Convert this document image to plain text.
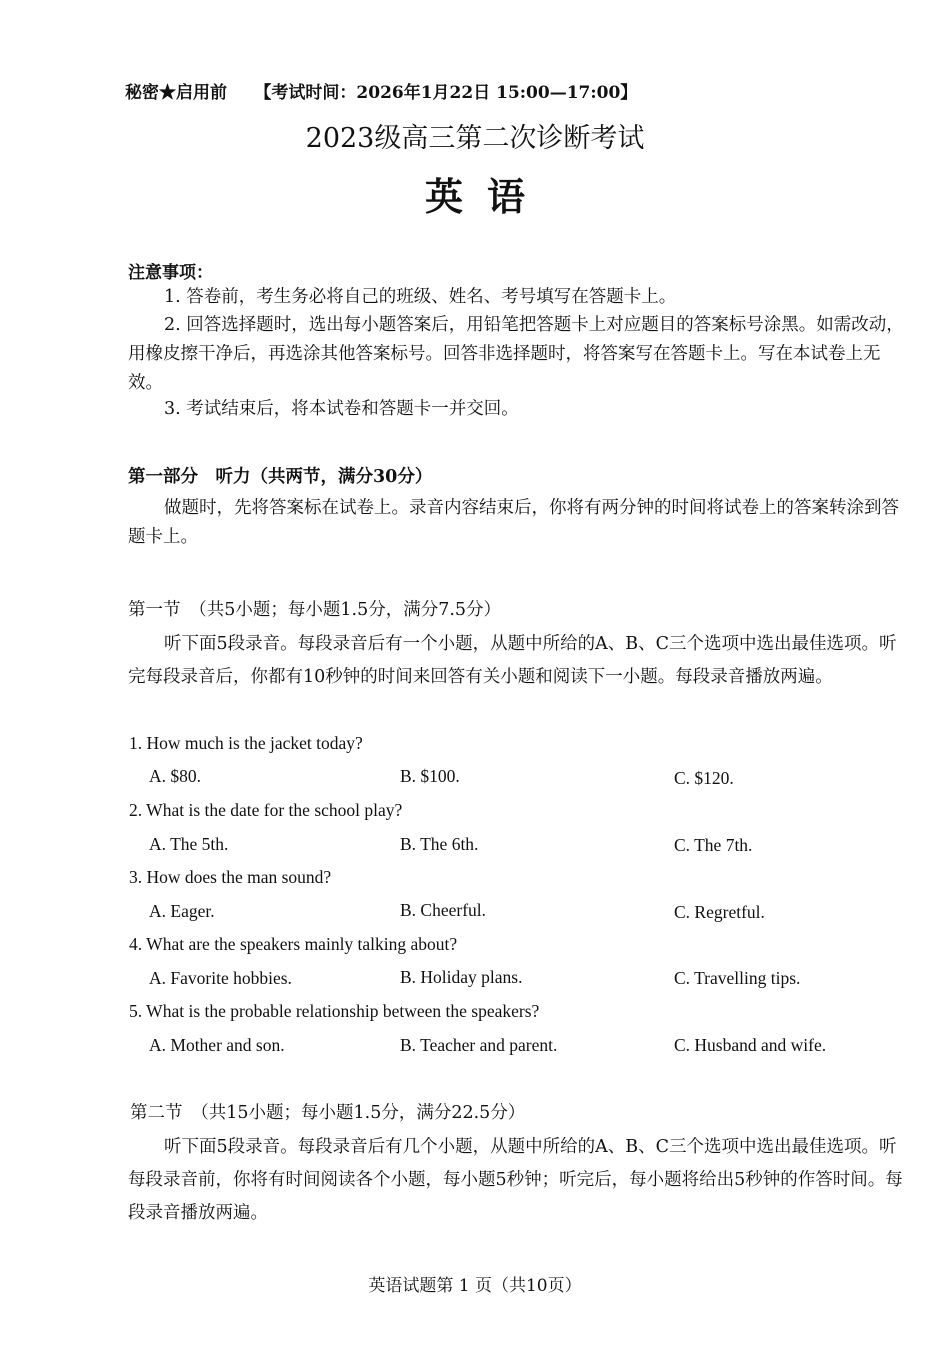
秘密★启用前 【考试时间：2026年1月22日 15:00—17:00】
2023级高三第二次诊断考试
英语
注意事项：
1. 答卷前，考生务必将自己的班级、姓名、考号填写在答题卡上。
2. 回答选择题时，选出每小题答案后，用铅笔把答题卡上对应题目的答案标号涂黑。如需改动，用橡皮擦干净后，再选涂其他答案标号。回答非选择题时，将答案写在答题卡上。写在本试卷上无效。
3. 考试结束后，将本试卷和答题卡一并交回。
第一部分　听力（共两节，满分30分）
做题时，先将答案标在试卷上。录音内容结束后，你将有两分钟的时间将试卷上的答案转涂到答题卡上。
第一节　（共5小题；每小题1.5分，满分7.5分）
听下面5段录音。每段录音后有一个小题，从题中所给的A、B、C三个选项中选出最佳选项。听完每段录音后，你都有10秒钟的时间来回答有关小题和阅读下一小题。每段录音播放两遍。
1. How much is the jacket today?
A. $80.	B. $100.	C. $120.
2. What is the date for the school play?
A. The 5th.	B. The 6th.	C. The 7th.
3. How does the man sound?
A. Eager.	B. Cheerful.	C. Regretful.
4. What are the speakers mainly talking about?
A. Favorite hobbies.	B. Holiday plans.	C. Travelling tips.
5. What is the probable relationship between the speakers?
A. Mother and son.	B. Teacher and parent.	C. Husband and wife.
第二节　（共15小题；每小题1.5分，满分22.5分）
听下面5段录音。每段录音后有几个小题，从题中所给的A、B、C三个选项中选出最佳选项。听每段录音前，你将有时间阅读各个小题，每小题5秒钟；听完后，每小题将给出5秒钟的作答时间。每段录音播放两遍。
英语试题第 1 页（共10页）
